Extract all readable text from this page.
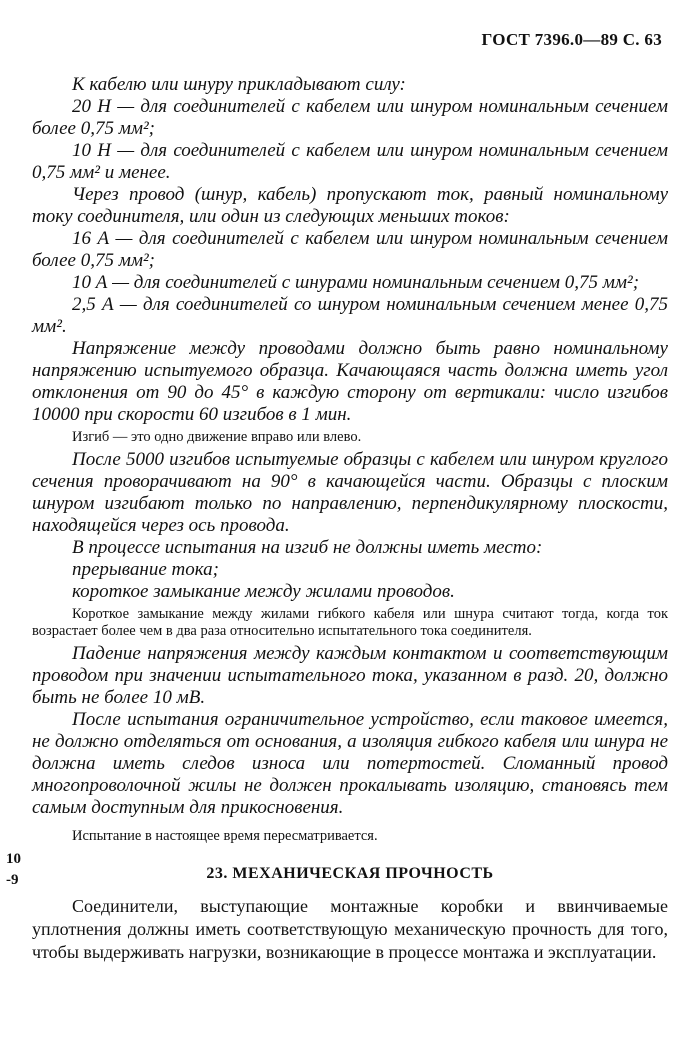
ГОСТ 7396.0—89 С. 63

К кабелю или шнуру прикладывают силу:

20 Н — для соединителей с кабелем или шнуром номинальным сечением более 0,75 мм²;

10 Н — для соединителей с кабелем или шнуром номинальным сечением 0,75 мм² и менее.

Через провод (шнур, кабель) пропускают ток, равный номинальному току соединителя, или один из следующих меньших токов:

16 А — для соединителей с кабелем или шнуром номинальным сечением более 0,75 мм²;

10 А — для соединителей с шнурами номинальным сечением 0,75 мм²;

2,5 А — для соединителей со шнуром номинальным сечением менее 0,75 мм².

Напряжение между проводами должно быть равно номинальному напряжению испытуемого образца. Качающаяся часть должна иметь угол отклонения от 90 до 45° в каждую сторону от вертикали: число изгибов 10000 при скорости 60 изгибов в 1 мин.

Изгиб — это одно движение вправо или влево.

После 5000 изгибов испытуемые образцы с кабелем или шнуром круглого сечения проворачивают на 90° в качающейся части. Образцы с плоским шнуром изгибают только по направлению, перпендикулярному плоскости, находящейся через ось провода.

В процессе испытания на изгиб не должны иметь место:

прерывание тока;

короткое замыкание между жилами проводов.

Короткое замыкание между жилами гибкого кабеля или шнура считают тогда, когда ток возрастает более чем в два раза относительно испытательного тока соединителя.

Падение напряжения между каждым контактом и соответствующим проводом при значении испытательного тока, указанном в разд. 20, должно быть не более 10 мВ.

После испытания ограничительное устройство, если таковое имеется, не должно отделяться от основания, а изоляция гибкого кабеля или шнура не должна иметь следов износа или потертостей. Сломанный провод многопроволочной жилы не должен прокалывать изоляцию, становясь тем самым доступным для прикосновения.

Испытание в настоящее время пересматривается.

23. МЕХАНИЧЕСКАЯ ПРОЧНОСТЬ

Соединители, выступающие монтажные коробки и ввинчиваемые уплотнения должны иметь соответствующую механическую прочность для того, чтобы выдерживать нагрузки, возникающие в процессе монтажа и эксплуатации.

10
-9
